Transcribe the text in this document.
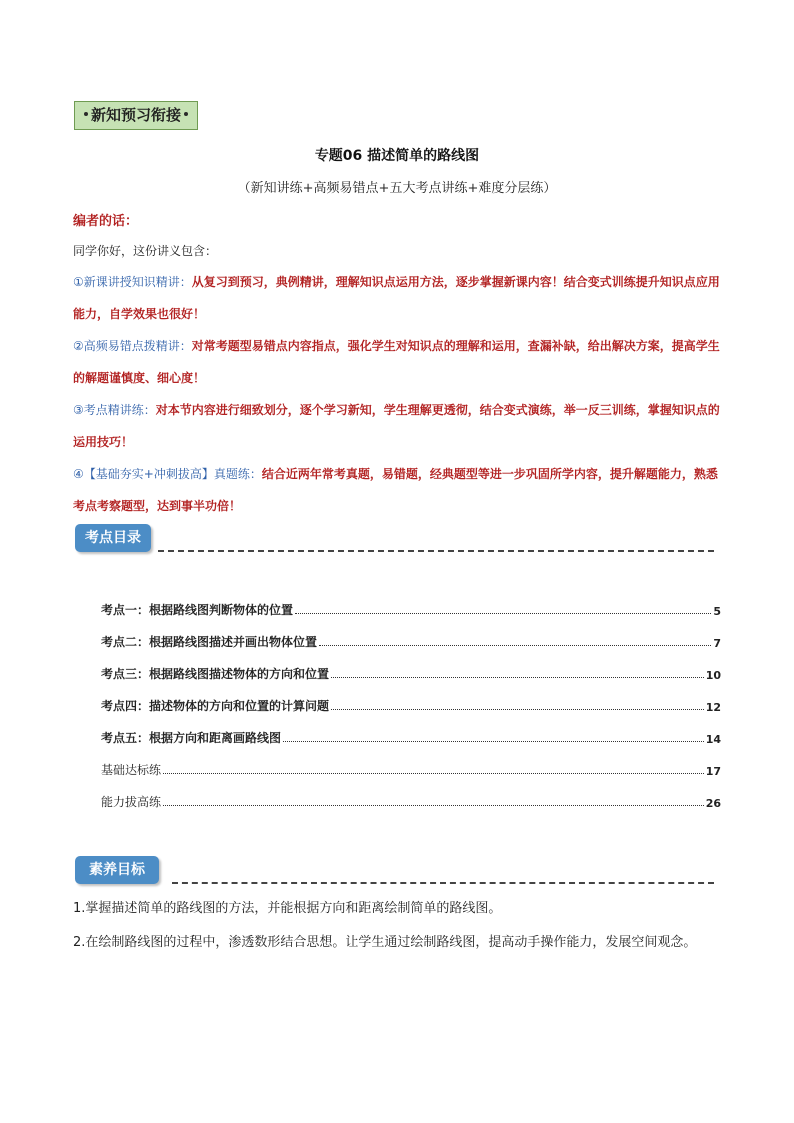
新知预习衔接
专题06 描述简单的路线图
（新知讲练+高频易错点+五大考点讲练+难度分层练）
编者的话：
同学你好，这份讲义包含：
①新课讲授知识精讲：从复习到预习，典例精讲，理解知识点运用方法，逐步掌握新课内容！结合变式训练提升知识点应用能力，自学效果也很好！
②高频易错点拨精讲：对常考题型易错点内容指点，强化学生对知识点的理解和运用，查漏补缺，给出解决方案，提高学生的解题谨慎度、细心度！
③考点精讲练：对本节内容进行细致划分，逐个学习新知，学生理解更透彻，结合变式演练，举一反三训练，掌握知识点的运用技巧！
④【基础夯实+冲刺拔高】真题练：结合近两年常考真题，易错题，经典题型等进一步巩固所学内容，提升解题能力，熟悉考点考察题型，达到事半功倍！
考点目录
考点一：根据路线图判断物体的位置	5
考点二：根据路线图描述并画出物体位置	7
考点三：根据路线图描述物体的方向和位置	10
考点四：描述物体的方向和位置的计算问题	12
考点五：根据方向和距离画路线图	14
基础达标练	17
能力拔高练	26
素养目标
1.掌握描述简单的路线图的方法，并能根据方向和距离绘制简单的路线图。
2.在绘制路线图的过程中，渗透数形结合思想。让学生通过绘制路线图，提高动手操作能力，发展空间观念。
